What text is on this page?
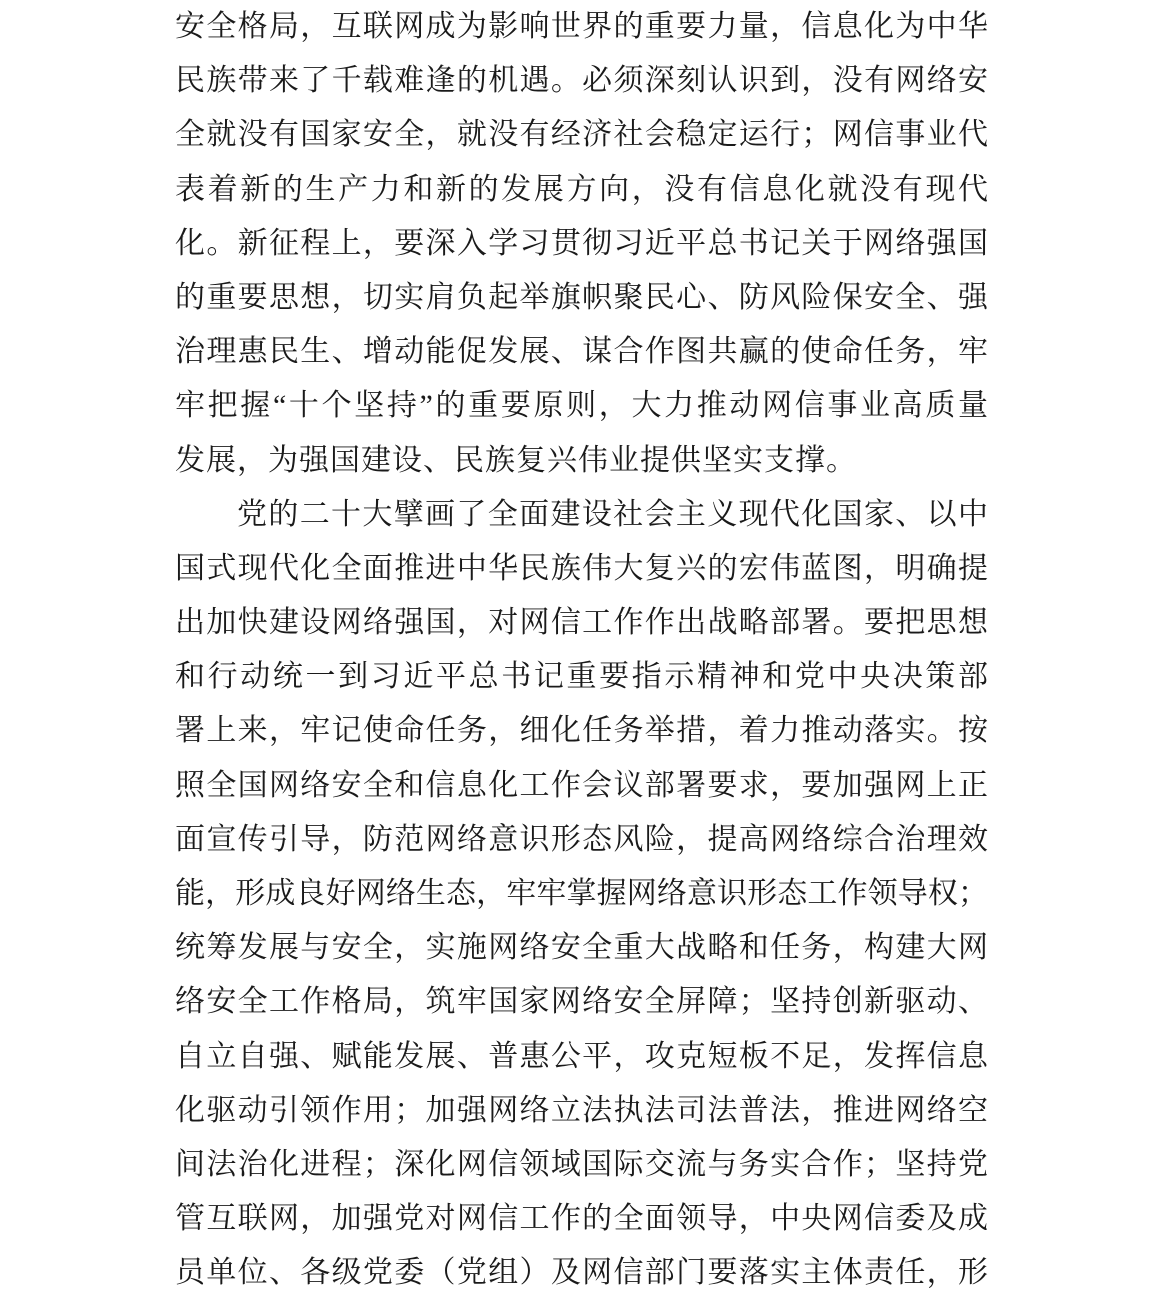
安全格局，互联网成为影响世界的重要力量，信息化为中华
民族带来了千载难逢的机遇。必须深刻认识到，没有网络安
全就没有国家安全，就没有经济社会稳定运行；网信事业代
表着新的生产力和新的发展方向，没有信息化就没有现代
化。新征程上，要深入学习贯彻习近平总书记关于网络强国
的重要思想，切实肩负起举旗帜聚民心、防风险保安全、强
治理惠民生、增动能促发展、谋合作图共赢的使命任务，牢
牢把握“十个坚持”的重要原则，大力推动网信事业高质量
发展，为强国建设、民族复兴伟业提供坚实支撑。
党的二十大擘画了全面建设社会主义现代化国家、以中
国式现代化全面推进中华民族伟大复兴的宏伟蓝图，明确提
出加快建设网络强国，对网信工作作出战略部署。要把思想
和行动统一到习近平总书记重要指示精神和党中央决策部
署上来，牢记使命任务，细化任务举措，着力推动落实。按
照全国网络安全和信息化工作会议部署要求，要加强网上正
面宣传引导，防范网络意识形态风险，提高网络综合治理效
能，形成良好网络生态，牢牢掌握网络意识形态工作领导权；
统筹发展与安全，实施网络安全重大战略和任务，构建大网
络安全工作格局，筑牢国家网络安全屏障；坚持创新驱动、
自立自强、赋能发展、普惠公平，攻克短板不足，发挥信息
化驱动引领作用；加强网络立法执法司法普法，推进网络空
间法治化进程；深化网信领域国际交流与务实合作；坚持党
管互联网，加强党对网信工作的全面领导，中央网信委及成
员单位、各级党委（党组）及网信部门要落实主体责任，形
